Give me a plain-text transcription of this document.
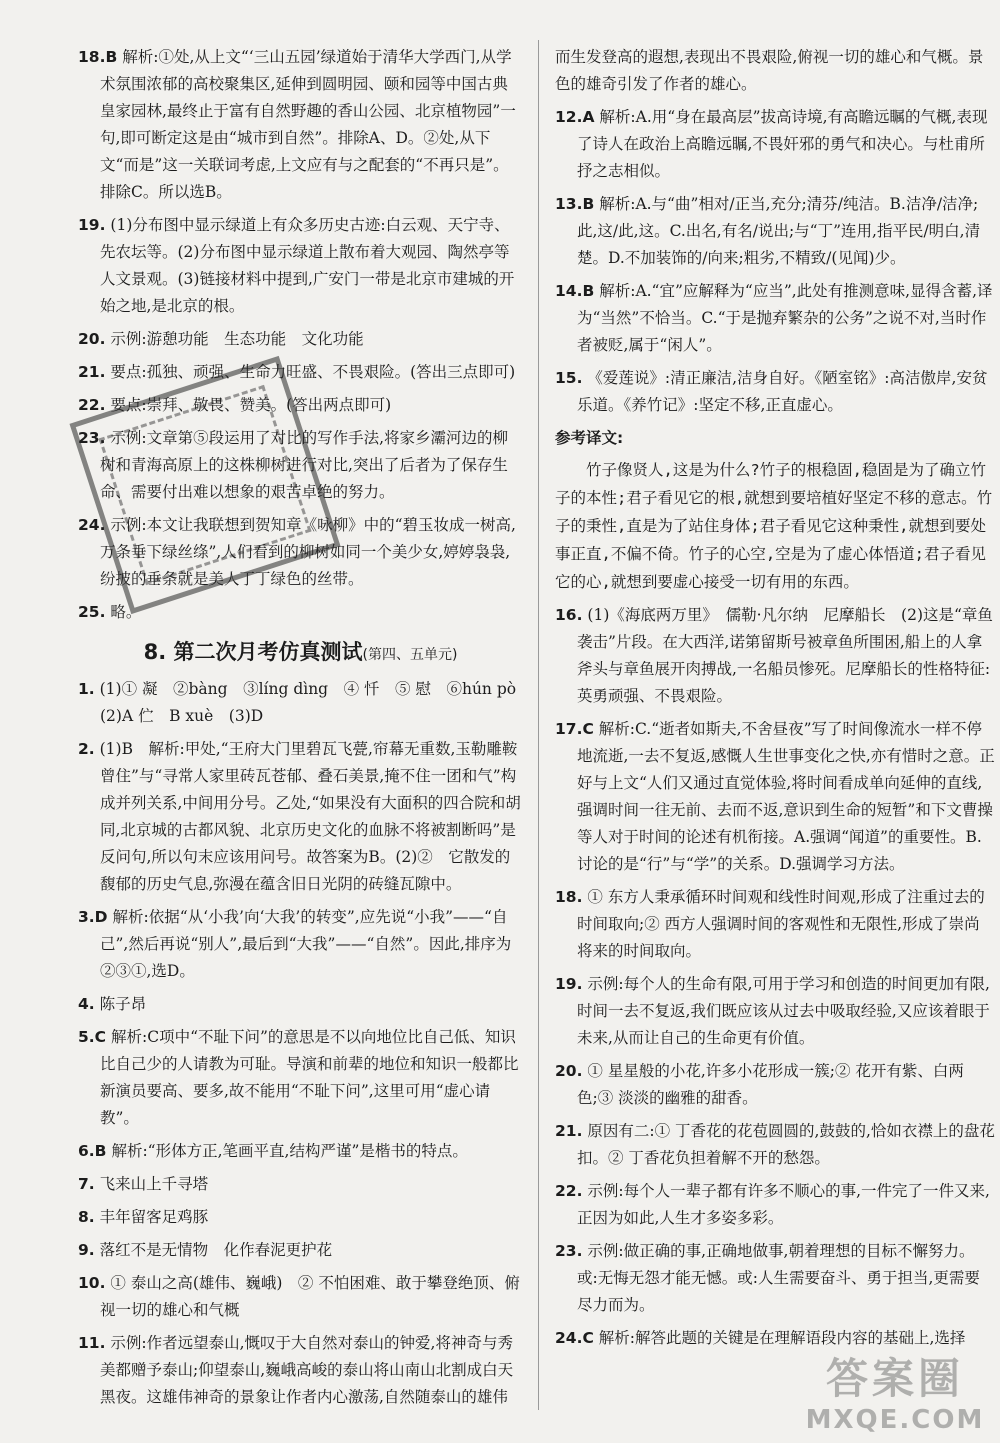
18.B 解析:①处,从上文“‘三山五园’绿道始于清华大学西门,从学术氛围浓郁的高校聚集区,延伸到圆明园、颐和园等中国古典皇家园林,最终止于富有自然野趣的香山公园、北京植物园”一句,即可断定这是由“城市到自然”。排除A、D。②处,从下文“而是”这一关联词考虑,上文应有与之配套的“不再只是”。排除C。所以选B。
19. (1)分布图中显示绿道上有众多历史古迹:白云观、天宁寺、先农坛等。(2)分布图中显示绿道上散布着大观园、陶然亭等人文景观。(3)链接材料中提到,广安门一带是北京市建城的开始之地,是北京的根。
20. 示例:游憩功能　生态功能　文化功能
21. 要点:孤独、顽强、生命力旺盛、不畏艰险。(答出三点即可)
22. 要点:崇拜、敬畏、赞美。(答出两点即可)
23. 示例:文章第⑤段运用了对比的写作手法,将家乡灞河边的柳树和青海高原上的这株柳树进行对比,突出了后者为了保存生命、需要付出难以想象的艰苦卓绝的努力。
24. 示例:本文让我联想到贺知章《咏柳》中的“碧玉妆成一树高,万条垂下绿丝绦”,人们看到的柳树如同一个美少女,婷婷袅袅,纷披的垂条就是美人丁丁绿色的丝带。
25. 略。
8. 第二次月考仿真测试(第四、五单元)
1. (1)① 凝　②bàng　③líng dìng　④ 忏　⑤ 慰　⑥hún pò　(2)A 伫　B xuè　(3)D
2. (1)B　解析:甲处,“王府大门里碧瓦飞甍,帘幕无重数,玉勒雕鞍曾住”与“寻常人家里砖瓦苍郁、叠石美景,掩不住一团和气”构成并列关系,中间用分号。乙处,“如果没有大面积的四合院和胡同,北京城的古都风貌、北京历史文化的血脉不将被割断吗”是反问句,所以句末应该用问号。故答案为B。(2)②　它散发的馥郁的历史气息,弥漫在蕴含旧日光阴的砖缝瓦隙中。
3.D 解析:依据“从‘小我’向‘大我’的转变”,应先说“小我”——“自己”,然后再说“别人”,最后到“大我”——“自然”。因此,排序为②③①,选D。
4. 陈子昂
5.C 解析:C项中“不耻下问”的意思是不以向地位比自己低、知识比自己少的人请教为可耻。导演和前辈的地位和知识一般都比新演员要高、要多,故不能用“不耻下问”,这里可用“虚心请教”。
6.B 解析:“形体方正,笔画平直,结构严谨”是楷书的特点。
7. 飞来山上千寻塔
8. 丰年留客足鸡豚
9. 落红不是无情物　化作春泥更护花
10. ① 泰山之高(雄伟、巍峨)　② 不怕困难、敢于攀登绝顶、俯视一切的雄心和气概
11. 示例:作者远望泰山,慨叹于大自然对泰山的钟爱,将神奇与秀美都赠予泰山;仰望泰山,巍峨高峻的泰山将山南山北割成白天黑夜。这雄伟神奇的景象让作者内心激荡,自然随泰山的雄伟
而生发登高的遐想,表现出不畏艰险,俯视一切的雄心和气概。景色的雄奇引发了作者的雄心。
12.A 解析:A.用“身在最高层”拔高诗境,有高瞻远瞩的气概,表现了诗人在政治上高瞻远瞩,不畏奸邪的勇气和决心。与杜甫所抒之志相似。
13.B 解析:A.与“曲”相对/正当,充分;清芬/纯洁。B.洁净/洁净;此,这/此,这。C.出名,有名/说出;与“丁”连用,指平民/明白,清楚。D.不加装饰的/向来;粗劣,不精致/(见闻)少。
14.B 解析:A.“宜”应解释为“应当”,此处有推测意味,显得含蓄,译为“当然”不恰当。C.“于是抛弃繁杂的公务”之说不对,当时作者被贬,属于“闲人”。
15. 《爱莲说》:清正廉洁,洁身自好。《陋室铭》:高洁傲岸,安贫乐道。《养竹记》:坚定不移,正直虚心。
参考译文:
竹子像贤人,这是为什么?竹子的根稳固,稳固是为了确立竹子的本性;君子看见它的根,就想到要培植好坚定不移的意志。竹子的秉性,直是为了站住身体;君子看见它这种秉性,就想到要处事正直,不偏不倚。竹子的心空,空是为了虚心体悟道;君子看见它的心,就想到要虚心接受一切有用的东西。
16. (1)《海底两万里》　儒勒·凡尔纳　尼摩船长　(2)这是“章鱼袭击”片段。在大西洋,诺第留斯号被章鱼所围困,船上的人拿斧头与章鱼展开肉搏战,一名船员惨死。尼摩船长的性格特征:英勇顽强、不畏艰险。
17.C 解析:C.“逝者如斯夫,不舍昼夜”写了时间像流水一样不停地流逝,一去不复返,感慨人生世事变化之快,亦有惜时之意。正好与上文“人们又通过直觉体验,将时间看成单向延伸的直线,强调时间一往无前、去而不返,意识到生命的短暂”和下文曹操等人对于时间的论述有机衔接。A.强调“闻道”的重要性。B.讨论的是“行”与“学”的关系。D.强调学习方法。
18. ① 东方人秉承循环时间观和线性时间观,形成了注重过去的时间取向;② 西方人强调时间的客观性和无限性,形成了崇尚将来的时间取向。
19. 示例:每个人的生命有限,可用于学习和创造的时间更加有限,时间一去不复返,我们既应该从过去中吸取经验,又应该着眼于未来,从而让自己的生命更有价值。
20. ① 星星般的小花,许多小花形成一簇;② 花开有紫、白两色;③ 淡淡的幽雅的甜香。
21. 原因有二:① 丁香花的花苞圆圆的,鼓鼓的,恰如衣襟上的盘花扣。② 丁香花负担着解不开的愁怨。
22. 示例:每个人一辈子都有许多不顺心的事,一件完了一件又来,正因为如此,人生才多姿多彩。
23. 示例:做正确的事,正确地做事,朝着理想的目标不懈努力。或:无悔无怨才能无憾。或:人生需要奋斗、勇于担当,更需要尽力而为。
24.C 解析:解答此题的关键是在理解语段内容的基础上,选择
答案圈
MXQE.COM
